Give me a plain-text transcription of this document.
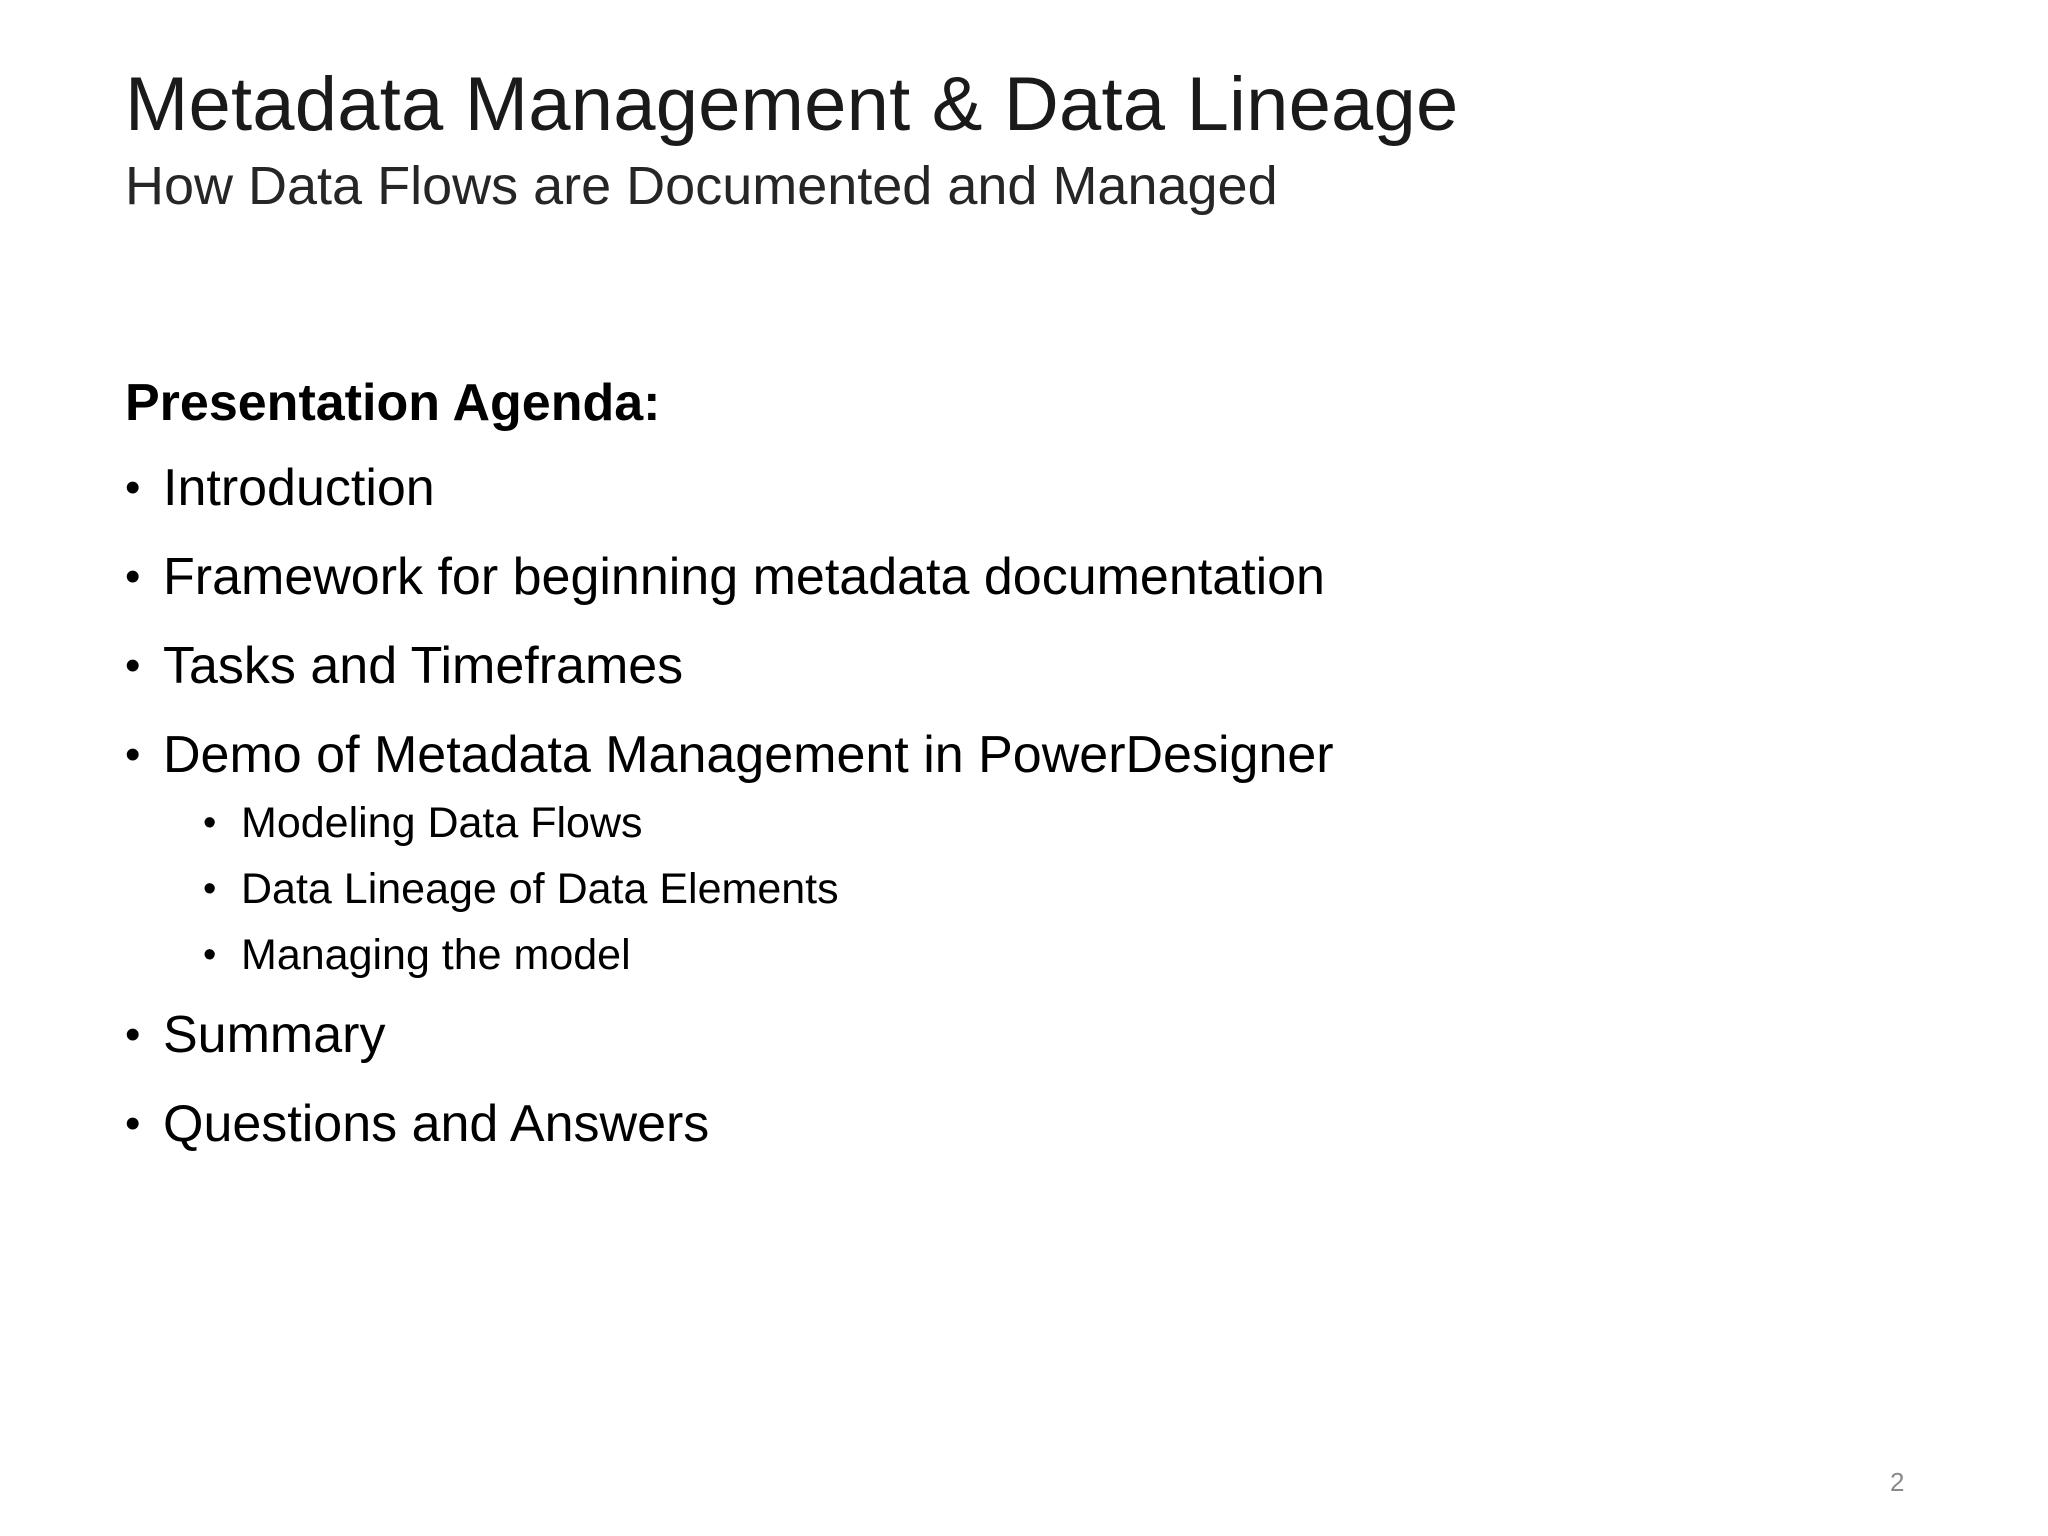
Metadata Management & Data Lineage
How Data Flows are Documented and Managed
Presentation Agenda:
• Introduction
• Framework for beginning metadata documentation
• Tasks and Timeframes
• Demo of Metadata Management in PowerDesigner
• Modeling Data Flows
• Data Lineage of Data Elements
• Managing the model
• Summary
• Questions and Answers
2
